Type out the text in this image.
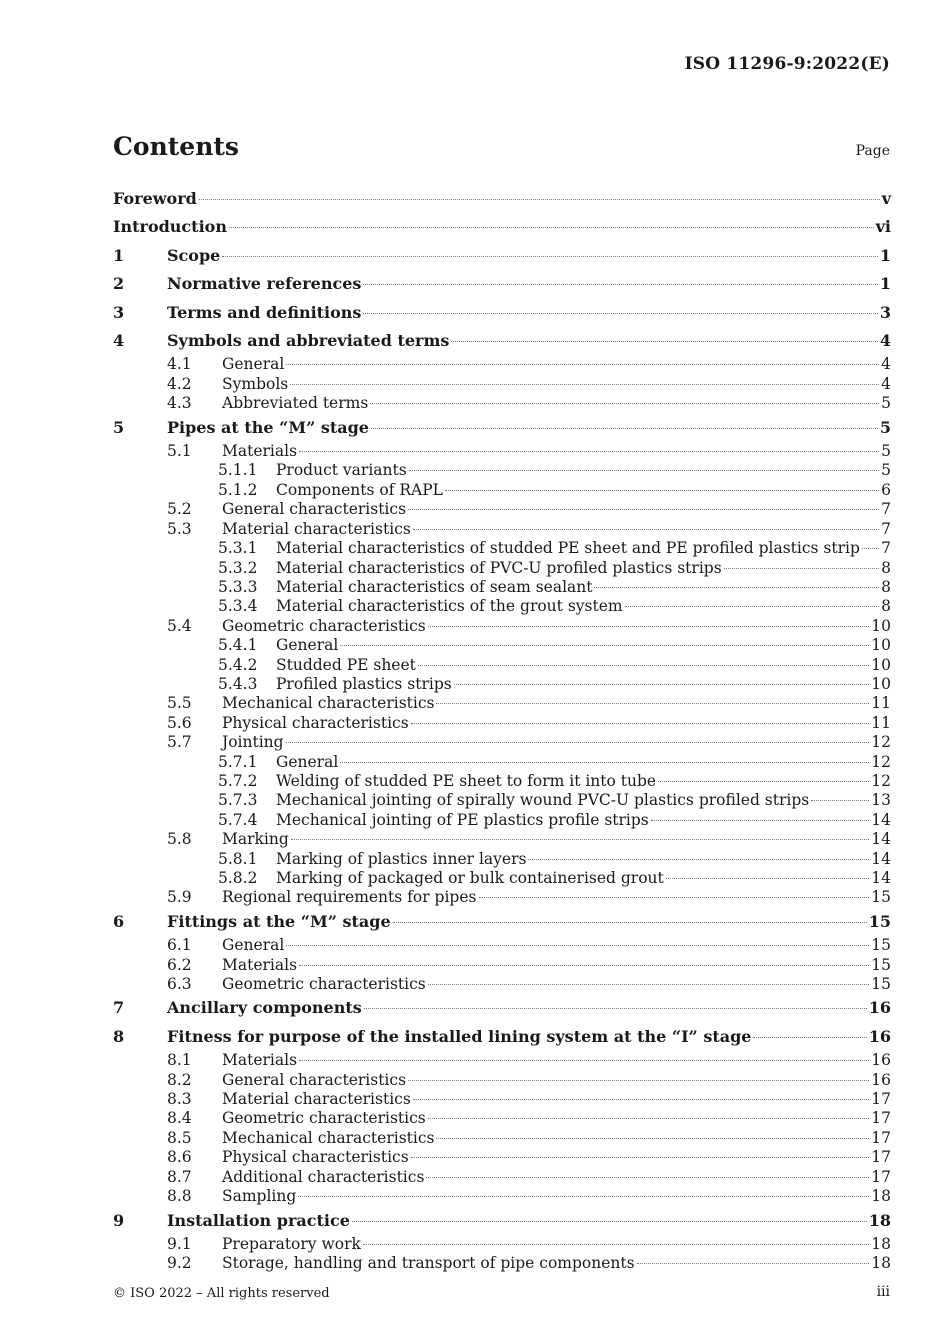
ISO 11296-9:2022(E)
Contents	Page
Foreword	v
Introduction	vi
1	Scope	1
2	Normative references	1
3	Terms and definitions	3
4	Symbols and abbreviated terms	4
4.1	General	4
4.2	Symbols	4
4.3	Abbreviated terms	5
5	Pipes at the “M” stage	5
5.1	Materials	5
5.1.1	Product variants	5
5.1.2	Components of RAPL	6
5.2	General characteristics	7
5.3	Material characteristics	7
5.3.1	Material characteristics of studded PE sheet and PE profiled plastics strip 7
5.3.2	Material characteristics of PVC-U profiled plastics strips	8
5.3.3	Material characteristics of seam sealant	8
5.3.4	Material characteristics of the grout system	8
5.4	Geometric characteristics	10
5.4.1	General	10
5.4.2	Studded PE sheet	10
5.4.3	Profiled plastics strips	10
5.5	Mechanical characteristics	11
5.6	Physical characteristics	11
5.7	Jointing	12
5.7.1	General	12
5.7.2	Welding of studded PE sheet to form it into tube	12
5.7.3	Mechanical jointing of spirally wound PVC-U plastics profiled strips	13
5.7.4	Mechanical jointing of PE plastics profile strips	14
5.8	Marking	14
5.8.1	Marking of plastics inner layers	14
5.8.2	Marking of packaged or bulk containerised grout	14
5.9	Regional requirements for pipes	15
6	Fittings at the “M” stage	15
6.1	General	15
6.2	Materials	15
6.3	Geometric characteristics	15
7	Ancillary components	16
8	Fitness for purpose of the installed lining system at the “I” stage	16
8.1	Materials	16
8.2	General characteristics	16
8.3	Material characteristics	17
8.4	Geometric characteristics	17
8.5	Mechanical characteristics	17
8.6	Physical characteristics	17
8.7	Additional characteristics	17
8.8	Sampling	18
9	Installation practice	18
9.1	Preparatory work	18
9.2	Storage, handling and transport of pipe components	18
© ISO 2022 – All rights reserved	iii
